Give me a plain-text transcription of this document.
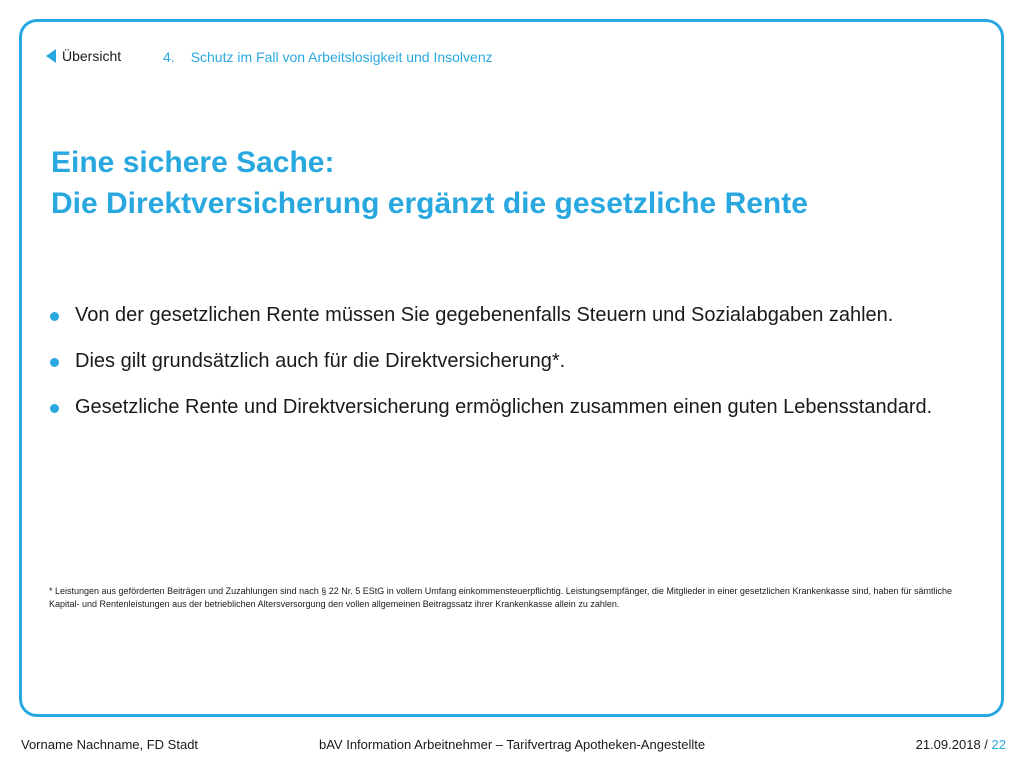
Übersicht	4. Schutz im Fall von Arbeitslosigkeit und Insolvenz
Eine sichere Sache:
Die Direktversicherung ergänzt die gesetzliche Rente
Von der gesetzlichen Rente müssen Sie gegebenenfalls Steuern und Sozialabgaben zahlen.
Dies gilt grundsätzlich auch für die Direktversicherung*.
Gesetzliche Rente und Direktversicherung ermöglichen zusammen einen guten Lebensstandard.
* Leistungen aus geförderten Beiträgen und Zuzahlungen sind nach § 22 Nr. 5 EStG in vollem Umfang einkommensteuerpflichtig. Leistungsempfänger, die Mitglieder in einer gesetzlichen Krankenkasse sind, haben für sämtliche Kapital- und Rentenleistungen aus der betrieblichen Altersversorgung den vollen allgemeinen Beitragssatz ihrer Krankenkasse allein zu zahlen.
Vorname Nachname, FD Stadt	bAV Information Arbeitnehmer – Tarifvertrag Apotheken-Angestellte	21.09.2018 / 22
